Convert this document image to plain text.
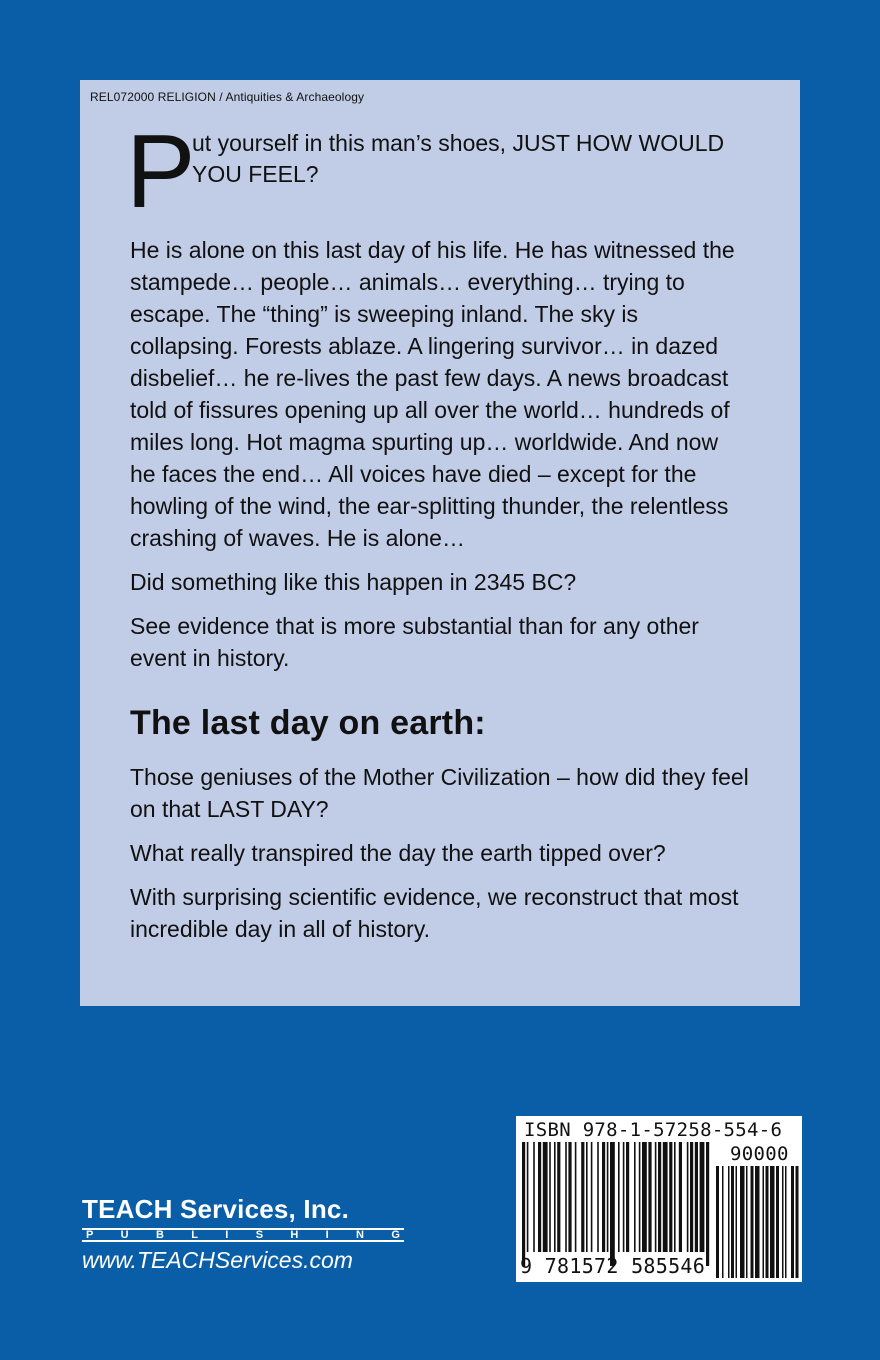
REL072000 RELIGION / Antiquities & Archaeology
P
ut yourself in this man’s shoes, JUST HOW WOULD YOU FEEL?

He is alone on this last day of his life. He has witnessed the stampede… people… animals… everything… trying to escape. The “thing” is sweeping inland. The sky is collapsing. Forests ablaze. A lingering survivor… in dazed disbelief… he re-lives the past few days. A news broadcast told of fissures opening up all over the world… hundreds of miles long. Hot magma spurting up… worldwide. And now he faces the end… All voices have died – except for the howling of the wind, the ear-splitting thunder, the relentless crashing of waves. He is alone…

Did something like this happen in 2345 BC?

See evidence that is more substantial than for any other event in history.

The last day on earth:

Those geniuses of the Mother Civilization – how did they feel on that LAST DAY?

What really transpired the day the earth tipped over?

With surprising scientific evidence, we reconstruct that most incredible day in all of history.

TEACH Services, Inc.
P U B L I S H I N G
www.TEACHServices.com
ISBN 978-1-57258-554-6
90000
9 781572 585546
